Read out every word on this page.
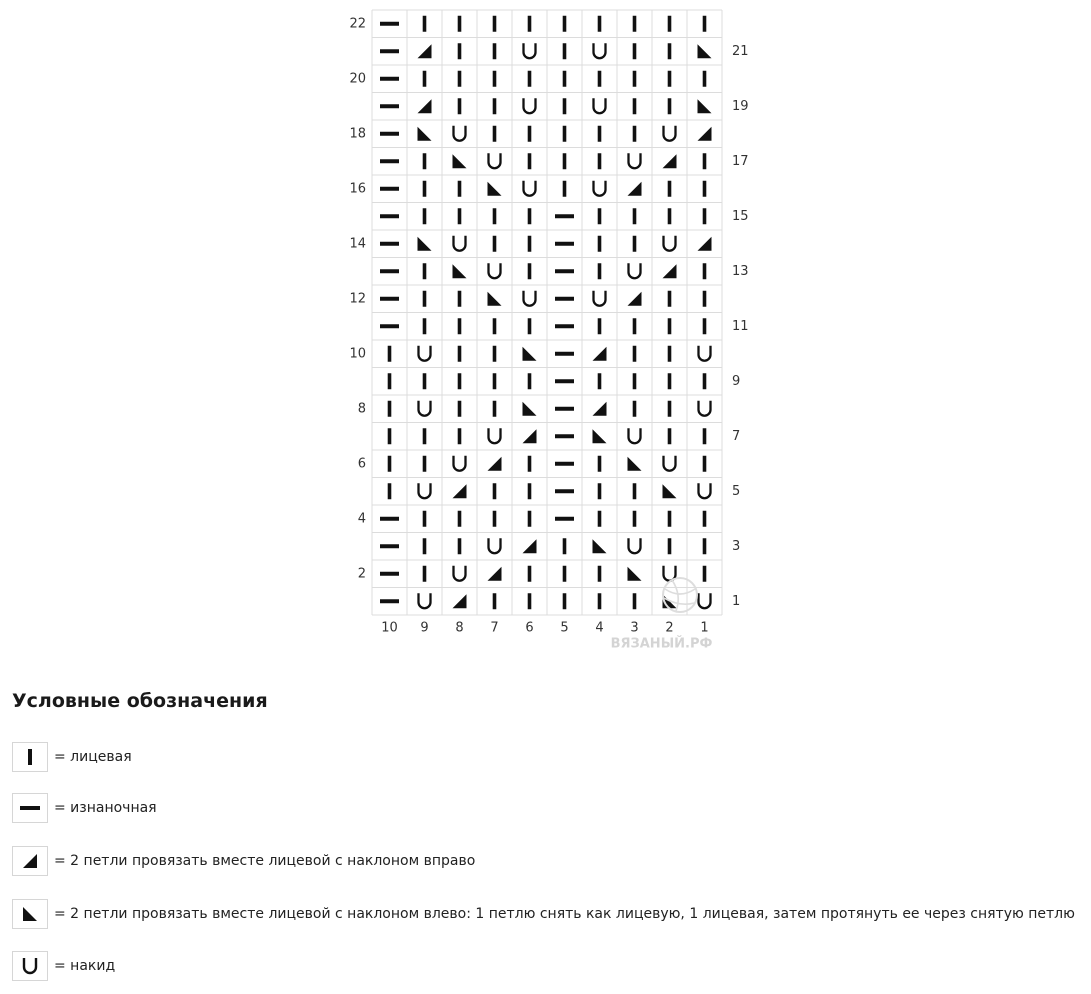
22
20
18
16
14
12
10
8
6
4
2
21
19
17
15
13
11
9
7
5
3
1
10 9 8 7 6 5 4 3 2 1
ВЯЗАНЫЙ.РФ
Условные обозначения
= лицевая
= изнаночная
= 2 петли провязать вместе лицевой с наклоном вправо
= 2 петли провязать вместе лицевой с наклоном влево: 1 петлю снять как лицевую, 1 лицевая, затем протянуть ее через снятую петлю
= накид
